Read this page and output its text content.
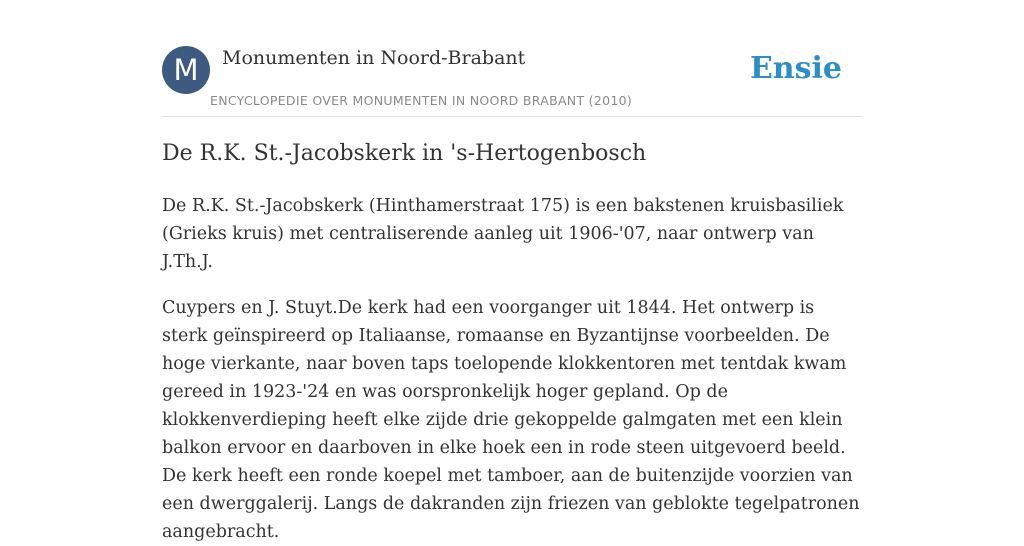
M	Monumenten in Noord-Brabant
ENCYCLOPEDIE OVER MONUMENTEN IN NOORD BRABANT (2010)
Ensie
De R.K. St.-Jacobskerk in 's-Hertogenbosch

De R.K. St.-Jacobskerk (Hinthamerstraat 175) is een bakstenen kruisbasiliek (Grieks kruis) met centraliserende aanleg uit 1906-'07, naar ontwerp van J.Th.J.

Cuypers en J. Stuyt.De kerk had een voorganger uit 1844. Het ontwerp is sterk geïnspireerd op Italiaanse, romaanse en Byzantijnse voorbeelden. De hoge vierkante, naar boven taps toelopende klokkentoren met tentdak kwam gereed in 1923-'24 en was oorspronkelijk hoger gepland. Op de klokkenverdieping heeft elke zijde drie gekoppelde galmgaten met een klein balkon ervoor en daarboven in elke hoek een in rode steen uitgevoerd beeld. De kerk heeft een ronde koepel met tamboer, aan de buitenzijde voorzien van een dwerggalerij. Langs de dakranden zijn friezen van geblokte tegelpatronen aangebracht.
